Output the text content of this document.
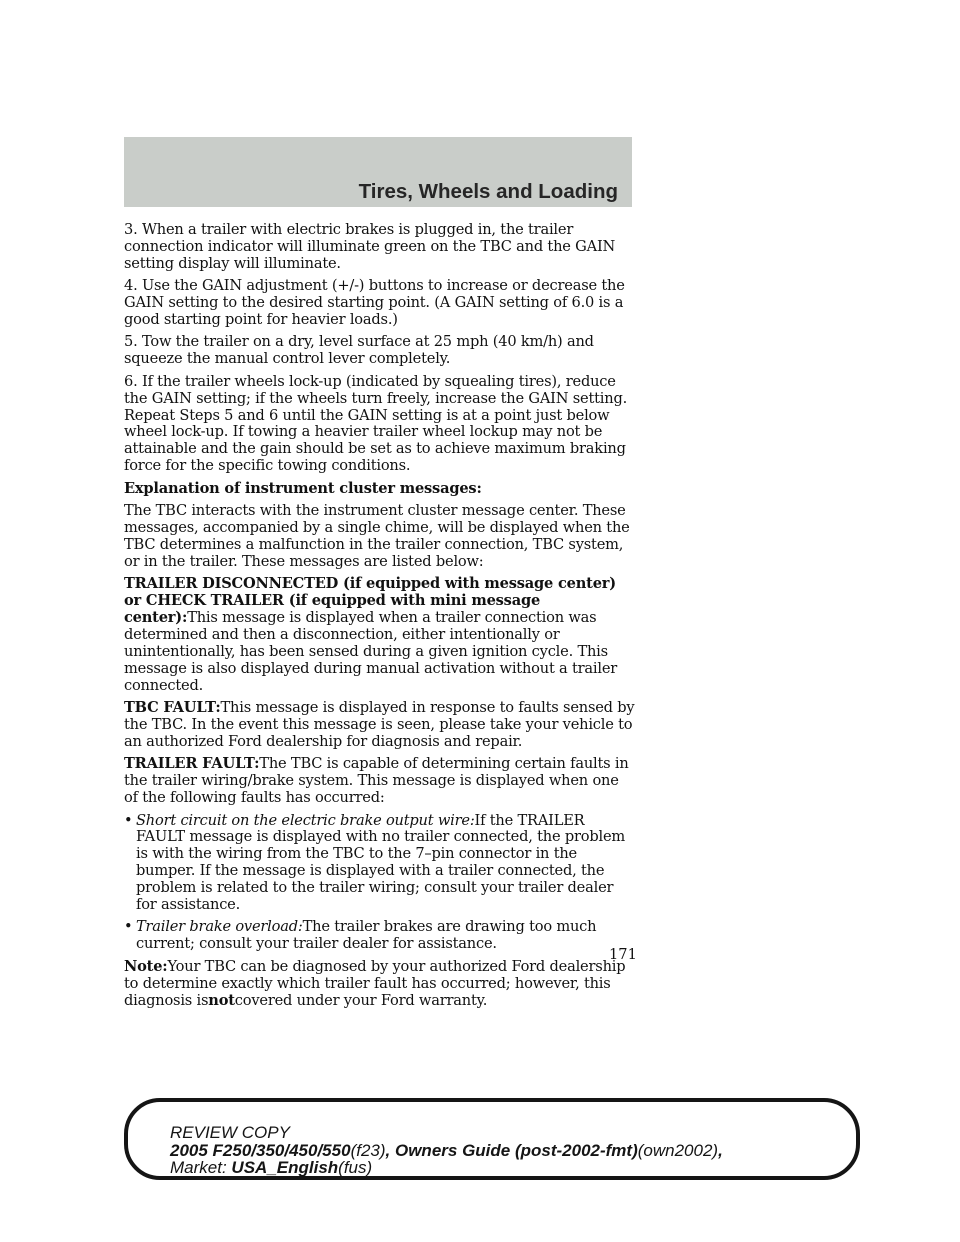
Tires, Wheels and Loading

3. When a trailer with electric brakes is plugged in, the trailer connection indicator will illuminate green on the TBC and the GAIN setting display will illuminate.

4. Use the GAIN adjustment (+/-) buttons to increase or decrease the GAIN setting to the desired starting point. (A GAIN setting of 6.0 is a good starting point for heavier loads.)

5. Tow the trailer on a dry, level surface at 25 mph (40 km/h) and squeeze the manual control lever completely.

6. If the trailer wheels lock-up (indicated by squealing tires), reduce the GAIN setting; if the wheels turn freely, increase the GAIN setting. Repeat Steps 5 and 6 until the GAIN setting is at a point just below wheel lock-up. If towing a heavier trailer wheel lockup may not be attainable and the gain should be set as to achieve maximum braking force for the specific towing conditions.

Explanation of instrument cluster messages:

The TBC interacts with the instrument cluster message center. These messages, accompanied by a single chime, will be displayed when the TBC determines a malfunction in the trailer connection, TBC system, or in the trailer. These messages are listed below:

TRAILER DISCONNECTED (if equipped with message center) or CHECK TRAILER (if equipped with mini message center):This message is displayed when a trailer connection was determined and then a disconnection, either intentionally or unintentionally, has been sensed during a given ignition cycle. This message is also displayed during manual activation without a trailer connected.

TBC FAULT:This message is displayed in response to faults sensed by the TBC. In the event this message is seen, please take your vehicle to an authorized Ford dealership for diagnosis and repair.

TRAILER FAULT:The TBC is capable of determining certain faults in the trailer wiring/brake system. This message is displayed when one of the following faults has occurred:

• Short circuit on the electric brake output wire:If the TRAILER FAULT message is displayed with no trailer connected, the problem is with the wiring from the TBC to the 7–pin connector in the bumper. If the message is displayed with a trailer connected, the problem is related to the trailer wiring; consult your trailer dealer for assistance.
• Trailer brake overload:The trailer brakes are drawing too much current; consult your trailer dealer for assistance.

Note:Your TBC can be diagnosed by your authorized Ford dealership to determine exactly which trailer fault has occurred; however, this diagnosis isnotcovered under your Ford warranty.

171
REVIEW COPY
2005 F250/350/450/550(f23), Owners Guide (post-2002-fmt)(own2002),
Market: USA_English(fus)
